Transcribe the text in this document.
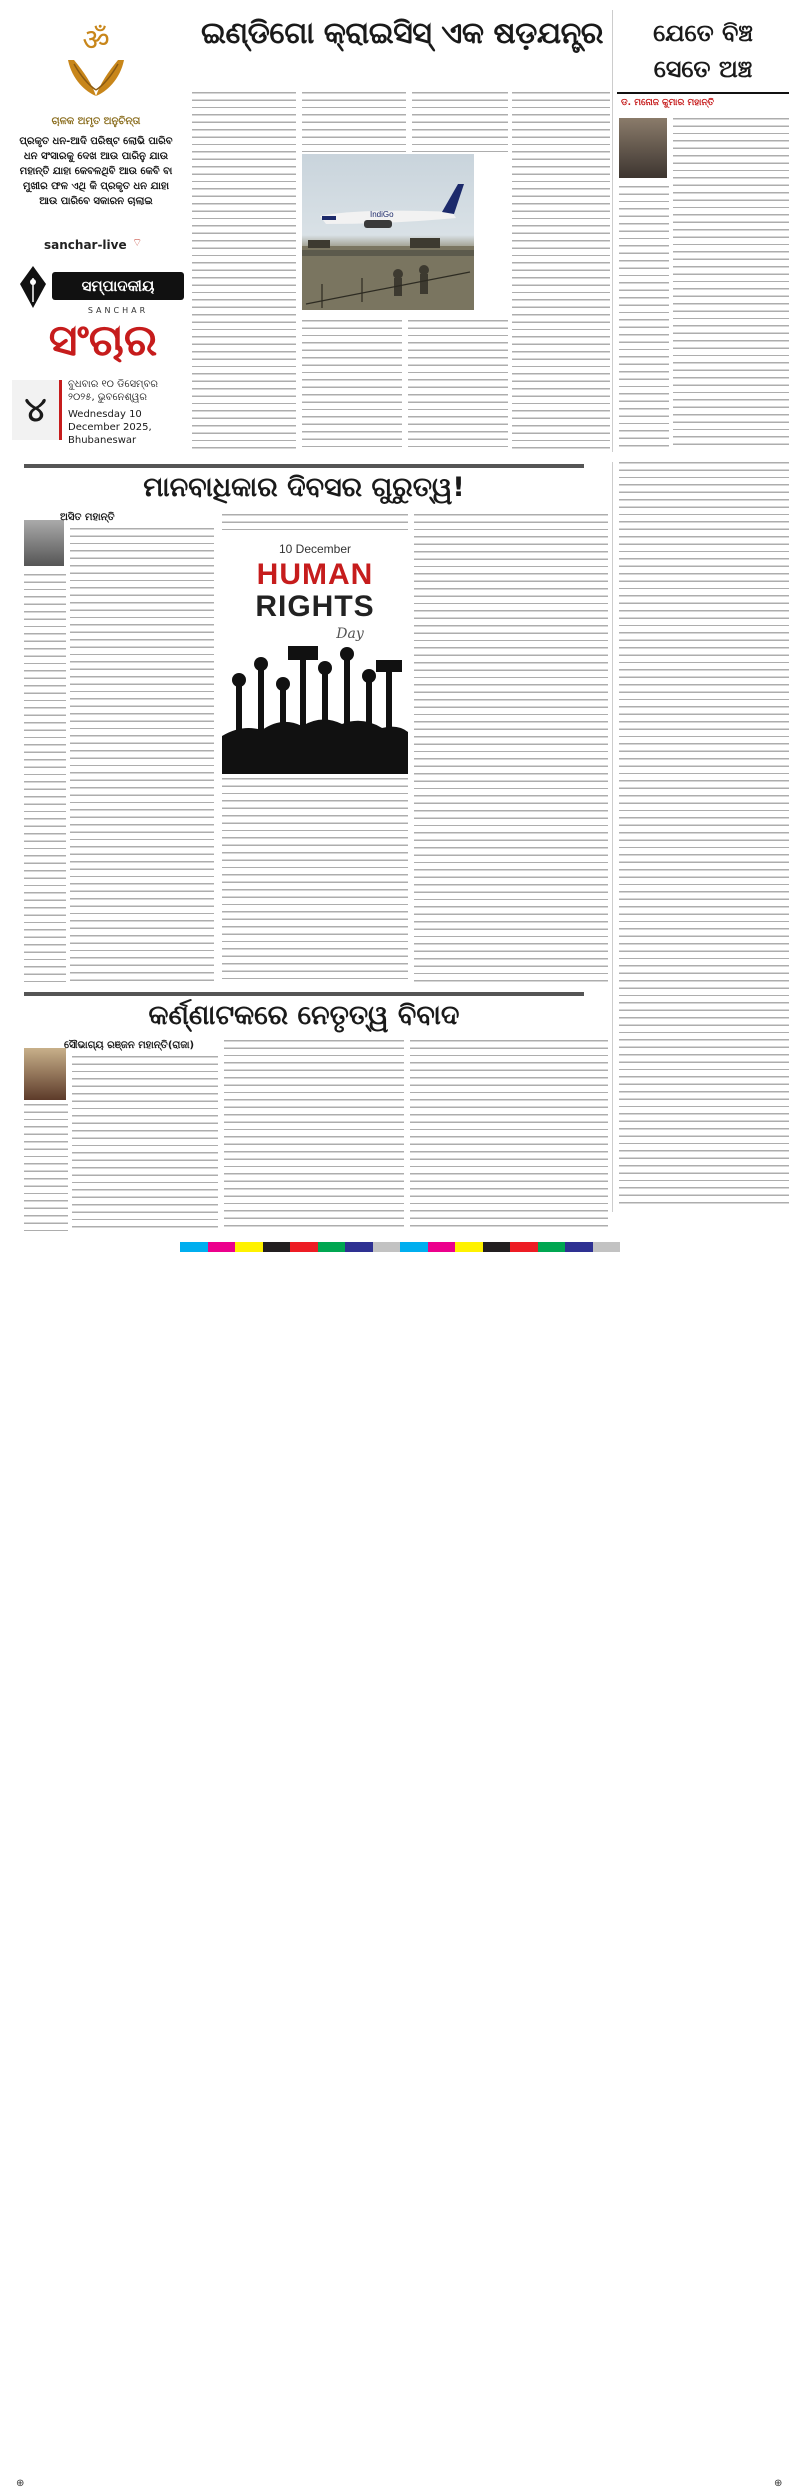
ॐ
ଚାଳକ ଅମୃତ ଅନୁଚିନ୍ତା
ପ୍ରକୃତ ଧନ-ଆଦି ପରିଷ୍ଟ ଲୋଭି ପାରିବ ଧନ ସଂସାରକୁ ଦେଖ ଆଉ ପାରିନୁ ଯାଉ ମହାନ୍ତି ଯାହା କେବଳଥିବି ଆଉ କେବି ବା ମୁଖୀର ଫଳ ଏଥି କି ପ୍ରକୃତ ଧନ ଯାହା ଆଉ ପାରିବେ ସକାରନ ଚାଲାଇ
sanchar-live ⌔
ସମ୍ପାଦକୀୟ
SANCHAR
ସଂଚାର
୪
ବୁଧବାର ୧୦ ଡିସେମ୍ବର ୨୦୨୫, ଭୁବନେଶ୍ୱର
Wednesday 10 December 2025, Bhubaneswar
ଇଣ୍ଡିଗୋ କ୍ରାଇସିସ୍ ଏକ ଷଡ଼ଯନ୍ତ୍ର
IndiGo
ଯେତେ ବିଞ୍ଚ
ସେତେ ଅଞ୍ଚ
ଡ. ମନୋଜ କୁମାର ମହାନ୍ତି
ମାନବାଧିକାର ଦିବସର ଗୁରୁତ୍ୱ!
ଅସିତ ମହାନ୍ତି
10 December
HUMAN
RIGHTS
Day
କର୍ଣ୍ଣାଟକରେ ନେତୃତ୍ୱ ବିବାଦ
ସୌଭାଗ୍ୟ ରଞ୍ଜନ ମହାନ୍ତି(ରାଜା)
⊕	⊕
